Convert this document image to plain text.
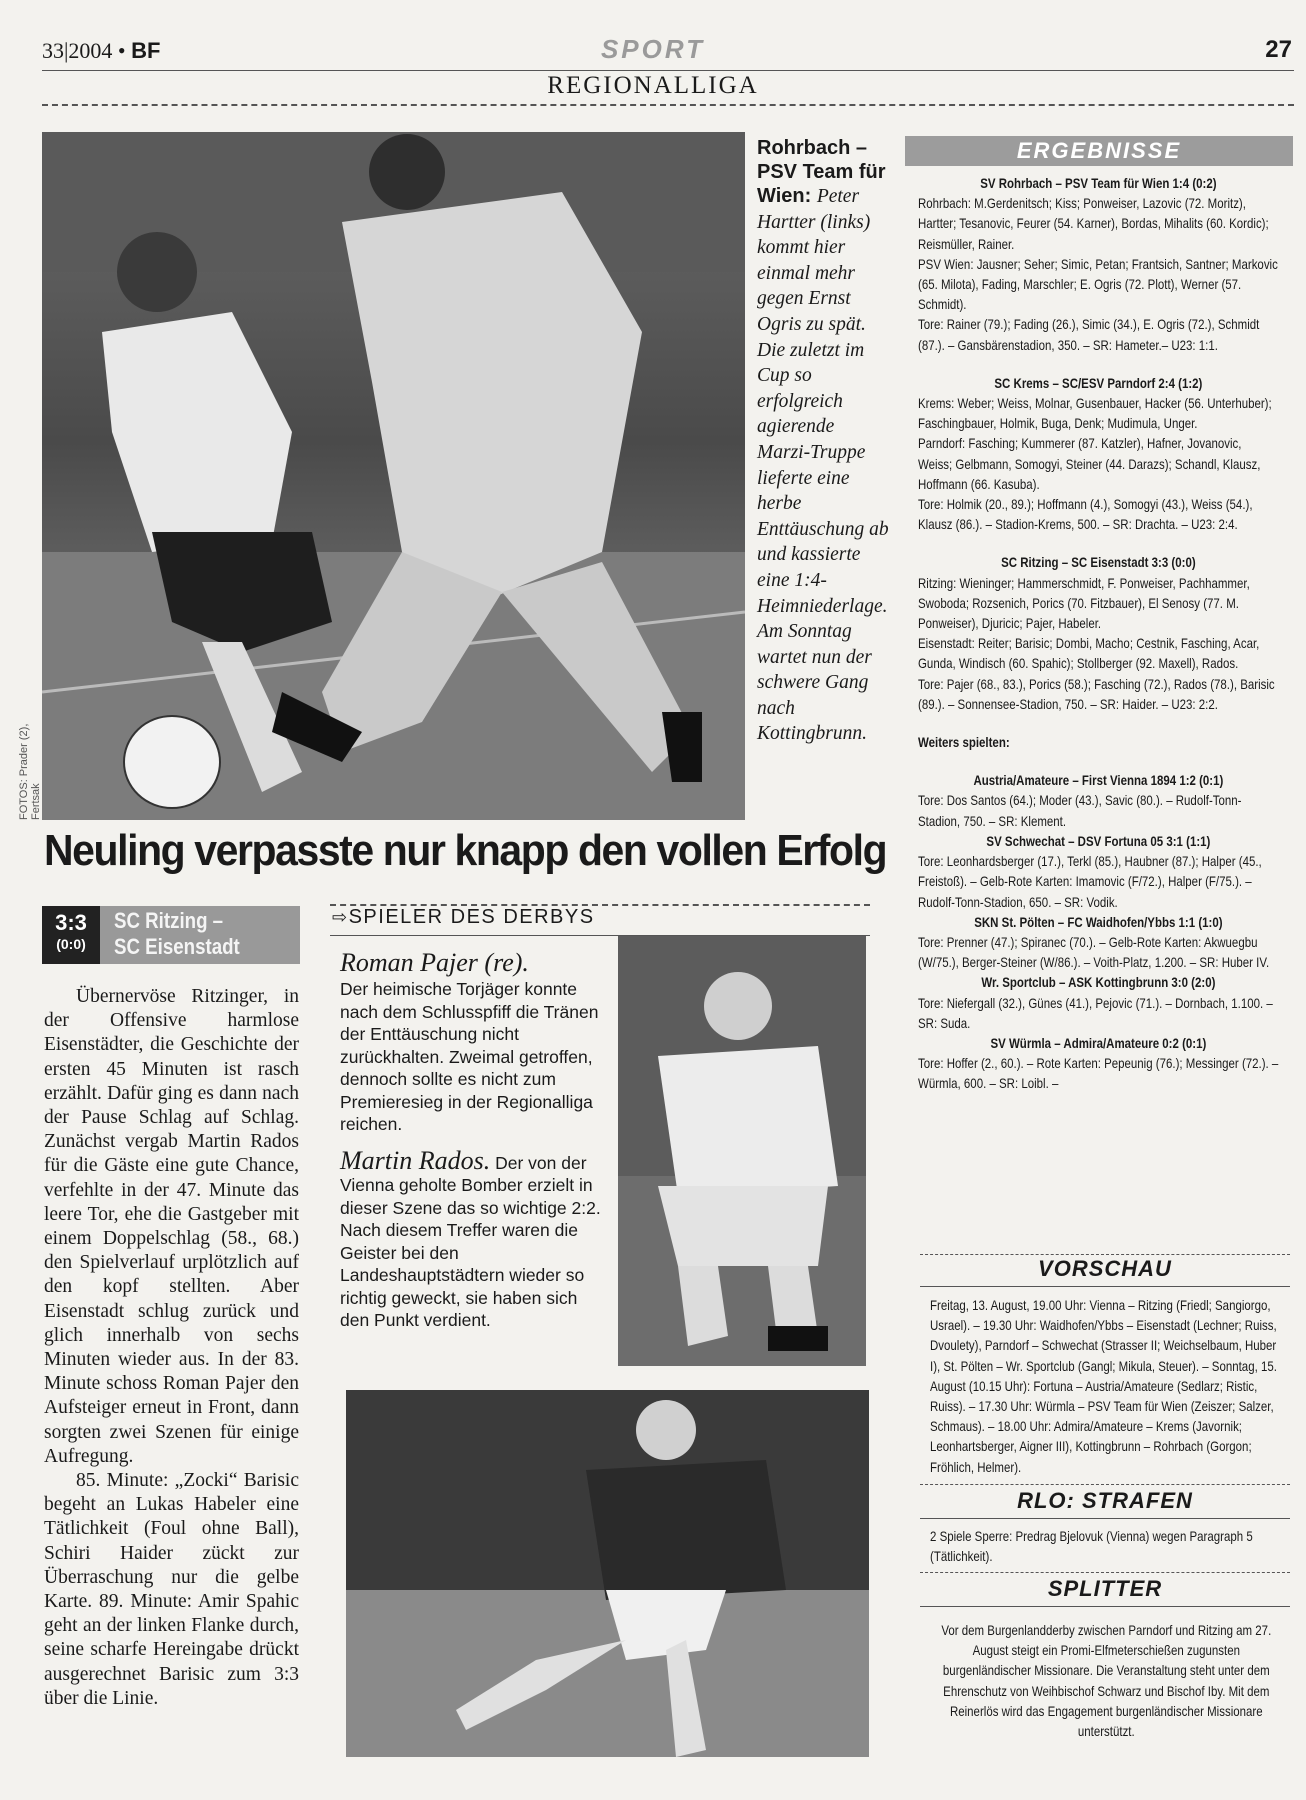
33|2004 • BF	SPORT	27
REGIONALLIGA
FOTOS: Prader (2), Fertsak
Rohrbach – PSV Team für Wien: Peter Hartter (links) kommt hier einmal mehr gegen Ernst Ogris zu spät. Die zuletzt im Cup so erfolgreich agierende Marzi-Truppe lieferte eine herbe Enttäuschung ab und kassierte eine 1:4-Heimniederlage. Am Sonntag wartet nun der schwere Gang nach Kottingbrunn.
Neuling verpasste nur knapp den vollen Erfolg
3:3
(0:0)
SC Ritzing –
SC Eisenstadt
Übernervöse Ritzinger, in der Offensive harmlose Eisenstädter, die Geschichte der ersten 45 Minuten ist rasch erzählt. Dafür ging es dann nach der Pause Schlag auf Schlag. Zunächst vergab Martin Rados für die Gäste eine gute Chance, verfehlte in der 47. Minute das leere Tor, ehe die Gastgeber mit einem Doppelschlag (58., 68.) den Spielverlauf urplötzlich auf den kopf stellten. Aber Eisenstadt schlug zurück und glich innerhalb von sechs Minuten wieder aus. In der 83. Minute schoss Roman Pajer den Aufsteiger erneut in Front, dann sorgten zwei Szenen für einige Aufregung.
85. Minute: „Zocki“ Barisic begeht an Lukas Habeler eine Tätlichkeit (Foul ohne Ball), Schiri Haider zückt zur Überraschung nur die gelbe Karte. 89. Minute: Amir Spahic geht an der linken Flanke durch, seine scharfe Hereingabe drückt ausgerechnet Barisic zum 3:3 über die Linie.
⇨SPIELER DES DERBYS
Roman Pajer (re).
Der heimische Torjäger konnte nach dem Schlusspfiff die Tränen der Enttäuschung nicht zurückhalten. Zweimal getroffen, dennoch sollte es nicht zum Premieresieg in der Regionalliga reichen.
Martin Rados. Der von der Vienna geholte Bomber erzielt in dieser Szene das so wichtige 2:2. Nach diesem Treffer waren die Geister bei den Landeshauptstädtern wieder so richtig geweckt, sie haben sich den Punkt verdient.
ERGEBNISSE

SV Rohrbach – PSV Team für Wien 1:4 (0:2)

Rohrbach: M.Gerdenitsch; Kiss; Ponweiser, Lazovic (72. Moritz), Hartter; Tesanovic, Feurer (54. Karner), Bordas, Mihalits (60. Kordic); Reismüller, Rainer.

PSV Wien: Jausner; Seher; Simic, Petan; Frantsich, Santner; Markovic (65. Milota), Fading, Marschler; E. Ogris (72. Plott), Werner (57. Schmidt).

Tore: Rainer (79.); Fading (26.), Simic (34.), E. Ogris (72.), Schmidt (87.). – Gansbärenstadion, 350. – SR: Hameter.– U23: 1:1.

SC Krems – SC/ESV Parndorf 2:4 (1:2)

Krems: Weber; Weiss, Molnar, Gusenbauer, Hacker (56. Unterhuber); Faschingbauer, Holmik, Buga, Denk; Mudimula, Unger.

Parndorf: Fasching; Kummerer (87. Katzler), Hafner, Jovanovic, Weiss; Gelbmann, Somogyi, Steiner (44. Darazs); Schandl, Klausz, Hoffmann (66. Kasuba).

Tore: Holmik (20., 89.); Hoffmann (4.), Somogyi (43.), Weiss (54.), Klausz (86.). – Stadion-Krems, 500. – SR: Drachta. – U23: 2:4.

SC Ritzing – SC Eisenstadt 3:3 (0:0)

Ritzing: Wieninger; Hammerschmidt, F. Ponweiser, Pachhammer, Swoboda; Rozsenich, Porics (70. Fitzbauer), El Senosy (77. M. Ponweiser), Djuricic; Pajer, Habeler.

Eisenstadt: Reiter; Barisic; Dombi, Macho; Cestnik, Fasching, Acar, Gunda, Windisch (60. Spahic); Stollberger (92. Maxell), Rados.

Tore: Pajer (68., 83.), Porics (58.); Fasching (72.), Rados (78.), Barisic (89.). – Sonnensee-Stadion, 750. – SR: Haider. – U23: 2:2.

Weiters spielten:

Austria/Amateure – First Vienna 1894 1:2 (0:1)

Tore: Dos Santos (64.); Moder (43.), Savic (80.). – Rudolf-Tonn-Stadion, 750. – SR: Klement.

SV Schwechat – DSV Fortuna 05 3:1 (1:1)

Tore: Leonhardsberger (17.), Terkl (85.), Haubner (87.); Halper (45., Freistoß). – Gelb-Rote Karten: Imamovic (F/72.), Halper (F/75.). – Rudolf-Tonn-Stadion, 650. – SR: Vodik.

SKN St. Pölten – FC Waidhofen/Ybbs 1:1 (1:0)

Tore: Prenner (47.); Spiranec (70.). – Gelb-Rote Karten: Akwuegbu (W/75.), Berger-Steiner (W/86.). – Voith-Platz, 1.200. – SR: Huber IV.

Wr. Sportclub – ASK Kottingbrunn 3:0 (2:0)

Tore: Niefergall (32.), Günes (41.), Pejovic (71.). – Dornbach, 1.100. – SR: Suda.

SV Würmla – Admira/Amateure 0:2 (0:1)

Tore: Hoffer (2., 60.). – Rote Karten: Pepeunig (76.); Messinger (72.). – Würmla, 600. – SR: Loibl. –

VORSCHAU
Freitag, 13. August, 19.00 Uhr: Vienna – Ritzing (Friedl; Sangiorgo, Usrael). – 19.30 Uhr: Waidhofen/Ybbs – Eisenstadt (Lechner; Ruiss, Dvoulety), Parndorf – Schwechat (Strasser II; Weichselbaum, Huber I), St. Pölten – Wr. Sportclub (Gangl; Mikula, Steuer). – Sonntag, 15. August (10.15 Uhr): Fortuna – Austria/Amateure (Sedlarz; Ristic, Ruiss). – 17.30 Uhr: Würmla – PSV Team für Wien (Zeiszer; Salzer, Schmaus). – 18.00 Uhr: Admira/Amateure – Krems (Javornik; Leonhartsberger, Aigner III), Kottingbrunn – Rohrbach (Gorgon; Fröhlich, Helmer).
RLO: STRAFEN
2 Spiele Sperre: Predrag Bjelovuk (Vienna) wegen Paragraph 5 (Tätlichkeit).
SPLITTER
Vor dem Burgenlandderby zwischen Parndorf und Ritzing am 27. August steigt ein Promi-Elfmeterschießen zugunsten burgenländischer Missionare. Die Veranstaltung steht unter dem Ehrenschutz von Weihbischof Schwarz und Bischof Iby. Mit dem Reinerlös wird das Engagement burgenländischer Missionare unterstützt.
